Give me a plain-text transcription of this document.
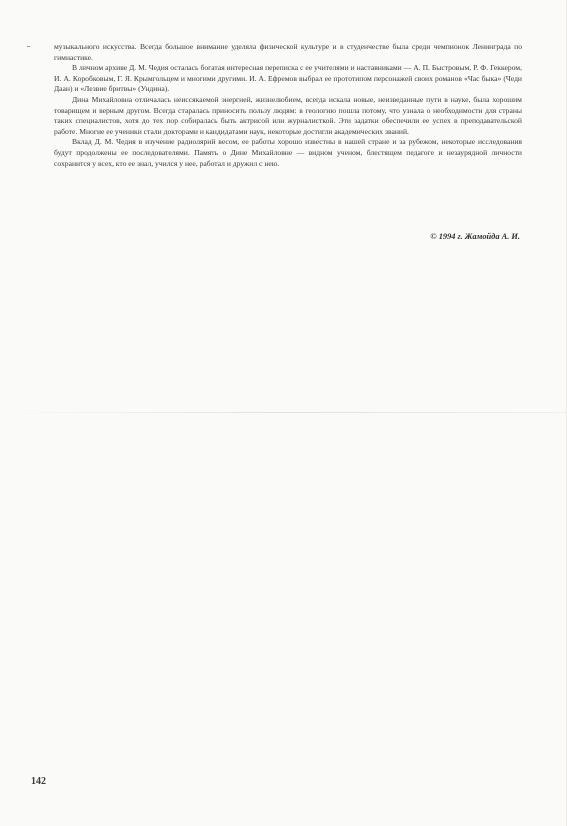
музыкального искусства. Всегда большое внимание уделяла физической культуре и в студенчестве была среди чемпионок Ленинграда по гимнастике.

В личном архиве Д. М. Чедия осталась богатая интересная переписка с ее учителями и наставниками — А. П. Быстровым, Р. Ф. Геккером, И. А. Коробковым, Г. Я. Крымгольцем и многими другими. И. А. Ефремов выбрал ее прототипом персонажей своих романов «Час быка» (Чеди Даан) и «Лезвие бритвы» (Ундина).

Дина Михайловна отличалась неиссякаемой энергией, жизнелюбием, всегда искала новые, неизведанные пути в науке, была хорошим товарищем и верным другом. Всегда старалась приносить пользу людям: в геологию пошла потому, что узнала о необходимости для страны таких специалистов, хотя до тех пор собиралась быть актрисой или журналисткой. Эти задатки обеспечили ее успех в преподавательской работе. Многие ее ученики стали докторами и кандидатами наук, некоторые достигли академических званий.

Вклад Д. М. Чедия в изучение радиолярий весом, ее работы хорошо известны в нашей стране и за рубежом, некоторые исследования будут продолжены ее последователями. Память о Дине Михайловне — видном ученом, блестящем педагоге и незаурядной личности сохранится у всех, кто ее знал, учился у нее, работал и дружил с нею.

© 1994 г. Жамойда А. И.
142
